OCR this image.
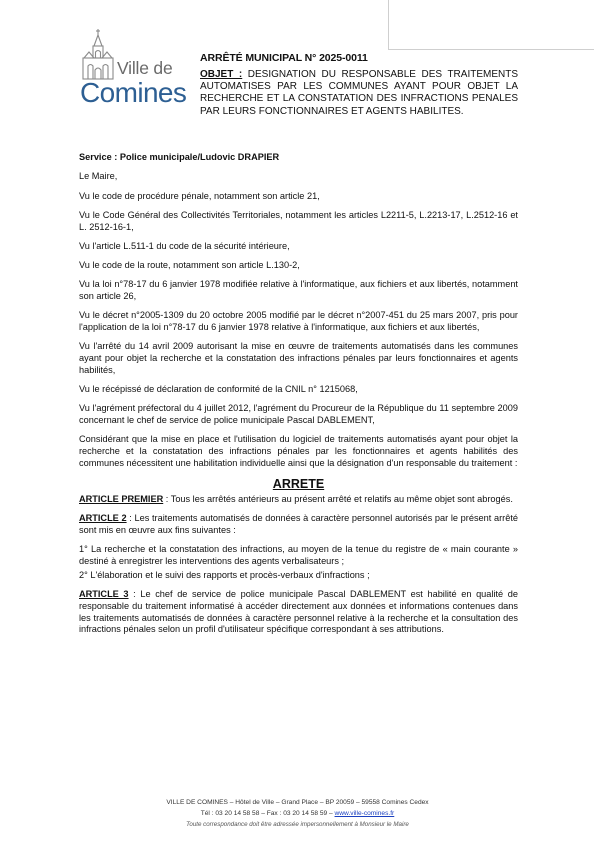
Ville de
Comines
ARRÊTÉ MUNICIPAL N° 2025-0011
OBJET : DESIGNATION DU RESPONSABLE DES TRAITEMENTS AUTOMATISES PAR LES COMMUNES AYANT POUR OBJET LA RECHERCHE ET LA CONSTATATION DES INFRACTIONS PENALES PAR LEURS FONCTIONNAIRES ET AGENTS HABILITES.

Service : Police municipale/Ludovic DRAPIER

Le Maire,

Vu le code de procédure pénale, notamment son article 21,

Vu le Code Général des Collectivités Territoriales, notamment les articles L2211-5, L.2213-17, L.2512-16 et L. 2512-16-1,

Vu l'article L.511-1 du code de la sécurité intérieure,

Vu le code de la route, notamment son article L.130-2,

Vu la loi n°78-17 du 6 janvier 1978 modifiée relative à l'informatique, aux fichiers et aux libertés, notamment son article 26,

Vu le décret n°2005-1309 du 20 octobre 2005 modifié par le décret n°2007-451 du 25 mars 2007, pris pour l'application de la loi n°78-17 du 6 janvier 1978 relative à l'informatique, aux fichiers et aux libertés,

Vu l'arrêté du 14 avril 2009 autorisant la mise en œuvre de traitements automatisés dans les communes ayant pour objet la recherche et la constatation des infractions pénales par leurs fonctionnaires et agents habilités,

Vu le récépissé de déclaration de conformité de la CNIL n° 1215068,

Vu l'agrément préfectoral du 4 juillet 2012, l'agrément du Procureur de la République du 11 septembre 2009 concernant le chef de service de police municipale Pascal DABLEMENT,

Considérant que la mise en place et l'utilisation du logiciel de traitements automatisés ayant pour objet la recherche et la constatation des infractions pénales par les fonctionnaires et agents habilités des communes nécessitent une habilitation individuelle ainsi que la désignation d'un responsable du traitement :

ARRETE

ARTICLE PREMIER : Tous les arrêtés antérieurs au présent arrêté et relatifs au même objet sont abrogés.

ARTICLE 2 : Les traitements automatisés de données à caractère personnel autorisés par le présent arrêté sont mis en œuvre aux fins suivantes :

1° La recherche et la constatation des infractions, au moyen de la tenue du registre de « main courante » destiné à enregistrer les interventions des agents verbalisateurs ;

2° L'élaboration et le suivi des rapports et procès-verbaux d'infractions ;

ARTICLE 3 : Le chef de service de police municipale Pascal DABLEMENT est habilité en qualité de responsable du traitement informatisé à accéder directement aux données et informations contenues dans les traitements automatisés de données à caractère personnel relative à la recherche et la consultation des infractions pénales selon un profil d'utilisateur spécifique correspondant à ses attributions.

VILLE DE COMINES – Hôtel de Ville – Grand Place – BP 20059 – 59558 Comines Cedex
Tél : 03 20 14 58 58 – Fax : 03 20 14 58 59 – www.ville-comines.fr
Toute correspondance doit être adressée impersonnellement à Monsieur le Maire
